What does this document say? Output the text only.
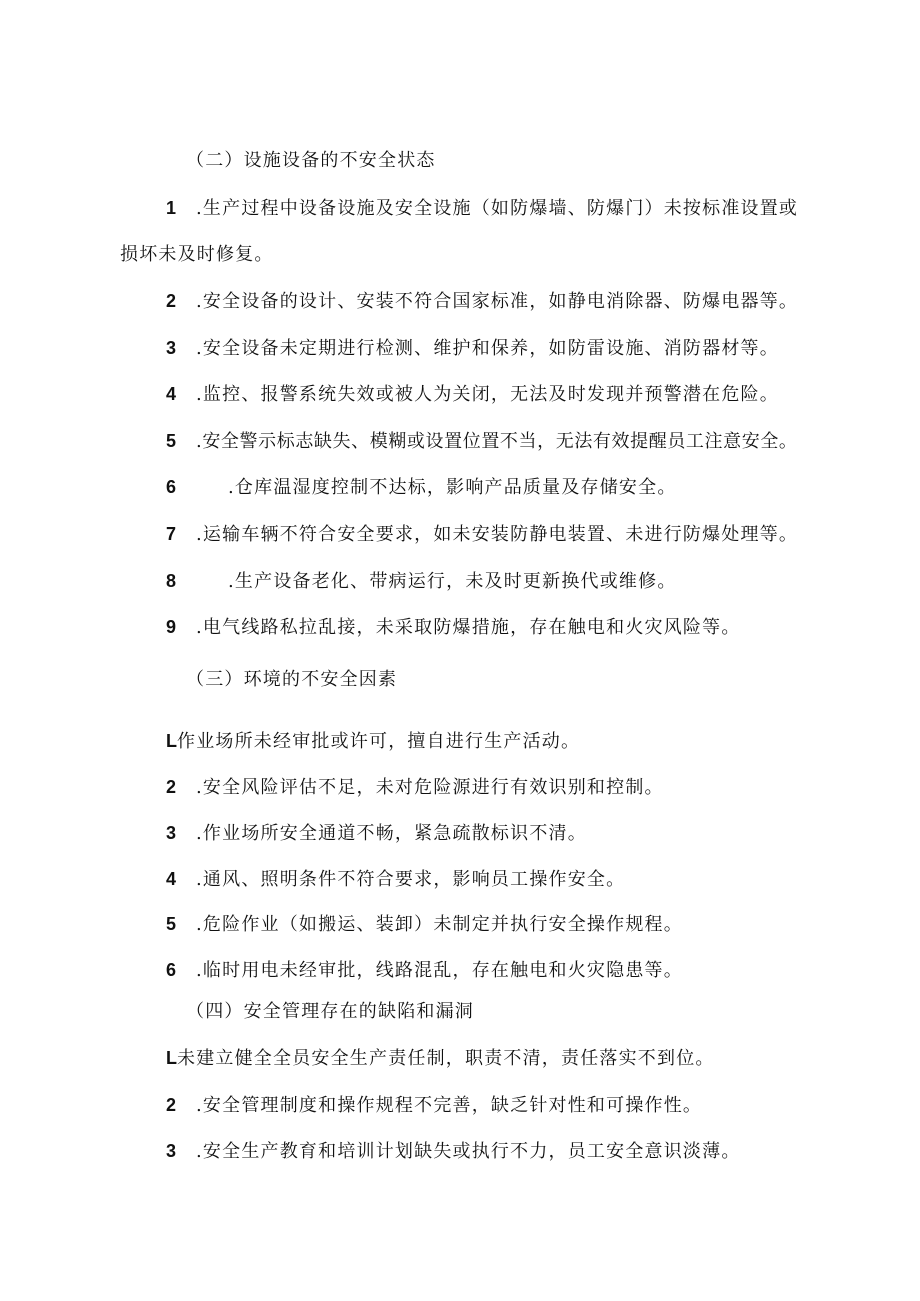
（二）设施设备的不安全状态
1 .生产过程中设备设施及安全设施（如防爆墙、防爆门）未按标准设置或
损坏未及时修复。
2 .安全设备的设计、安装不符合国家标准，如静电消除器、防爆电器等。
3 .安全设备未定期进行检测、维护和保养，如防雷设施、消防器材等。
4 .监控、报警系统失效或被人为关闭，无法及时发现并预警潜在危险。
5 .安全警示标志缺失、模糊或设置位置不当，无法有效提醒员工注意安全。
6	.仓库温湿度控制不达标，影响产品质量及存储安全。
7 .运输车辆不符合安全要求，如未安装防静电装置、未进行防爆处理等。
8	.生产设备老化、带病运行，未及时更新换代或维修。
9 .电气线路私拉乱接，未采取防爆措施，存在触电和火灾风险等。
（三）环境的不安全因素
L作业场所未经审批或许可，擅自进行生产活动。
2 .安全风险评估不足，未对危险源进行有效识别和控制。
3 .作业场所安全通道不畅，紧急疏散标识不清。
4 .通风、照明条件不符合要求，影响员工操作安全。
5 .危险作业（如搬运、装卸）未制定并执行安全操作规程。
6 .临时用电未经审批，线路混乱，存在触电和火灾隐患等。
（四）安全管理存在的缺陷和漏洞
L未建立健全全员安全生产责任制，职责不清，责任落实不到位。
2 .安全管理制度和操作规程不完善，缺乏针对性和可操作性。
3 .安全生产教育和培训计划缺失或执行不力，员工安全意识淡薄。
